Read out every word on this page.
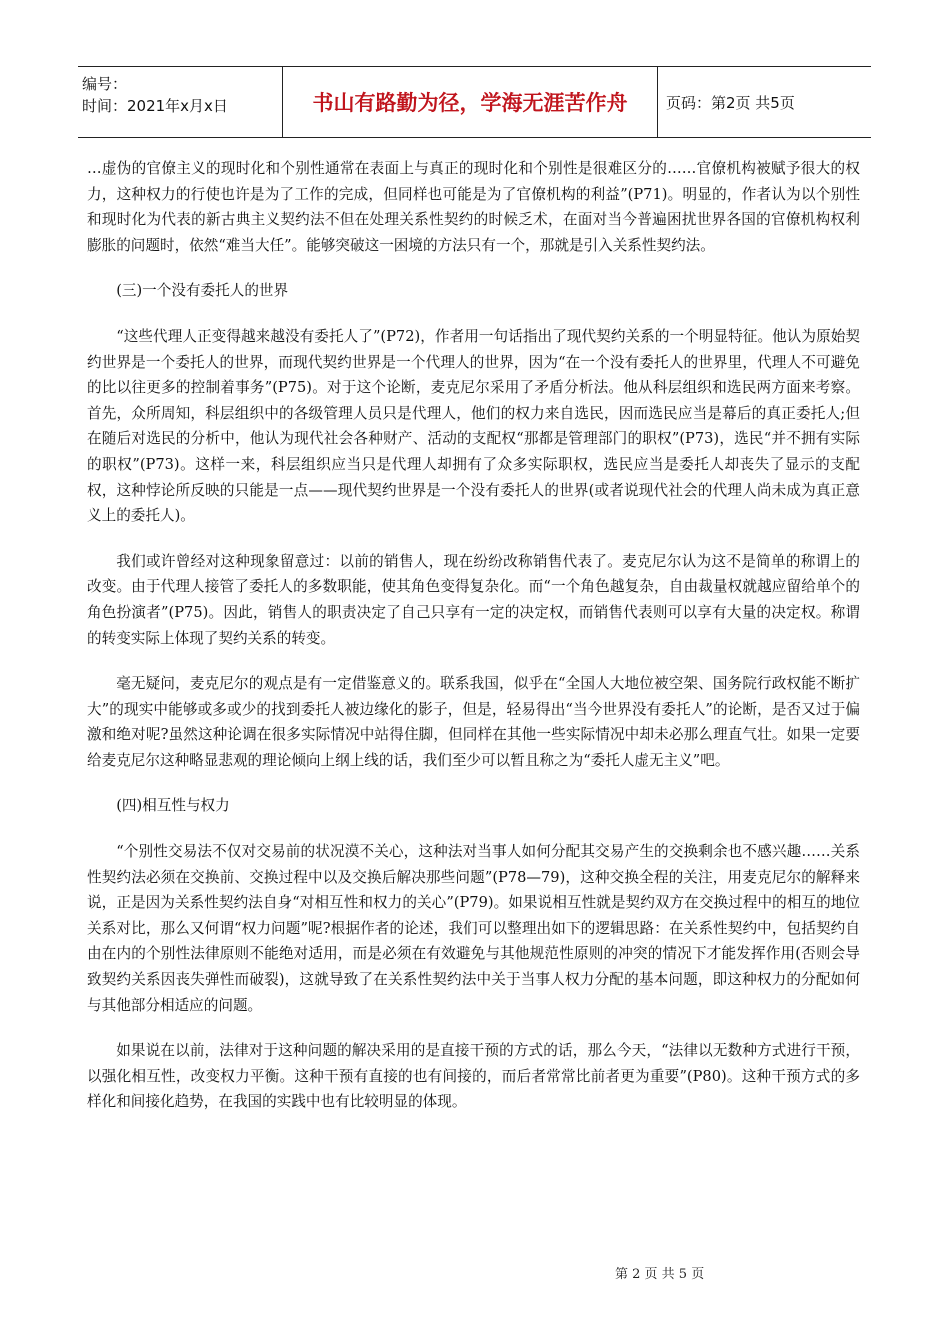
编号：
时间：2021年x月x日	书山有路勤为径，学海无涯苦作舟	页码：第2页 共5页

…虚伪的官僚主义的现时化和个别性通常在表面上与真正的现时化和个别性是很难区分的……官僚机构被赋予很大的权力，这种权力的行使也许是为了工作的完成，但同样也可能是为了官僚机构的利益”(P71)。明显的，作者认为以个别性和现时化为代表的新古典主义契约法不但在处理关系性契约的时候乏术，在面对当今普遍困扰世界各国的官僚机构权利膨胀的问题时，依然“难当大任”。能够突破这一困境的方法只有一个，那就是引入关系性契约法。

(三)一个没有委托人的世界

“这些代理人正变得越来越没有委托人了”(P72)，作者用一句话指出了现代契约关系的一个明显特征。他认为原始契约世界是一个委托人的世界，而现代契约世界是一个代理人的世界，因为“在一个没有委托人的世界里，代理人不可避免的比以往更多的控制着事务”(P75)。对于这个论断，麦克尼尔采用了矛盾分析法。他从科层组织和选民两方面来考察。首先，众所周知，科层组织中的各级管理人员只是代理人，他们的权力来自选民，因而选民应当是幕后的真正委托人;但在随后对选民的分析中，他认为现代社会各种财产、活动的支配权“那都是管理部门的职权”(P73)，选民“并不拥有实际的职权”(P73)。这样一来，科层组织应当只是代理人却拥有了众多实际职权，选民应当是委托人却丧失了显示的支配权，这种悖论所反映的只能是一点——现代契约世界是一个没有委托人的世界(或者说现代社会的代理人尚未成为真正意义上的委托人)。

我们或许曾经对这种现象留意过：以前的销售人，现在纷纷改称销售代表了。麦克尼尔认为这不是简单的称谓上的改变。由于代理人接管了委托人的多数职能，使其角色变得复杂化。而“一个角色越复杂，自由裁量权就越应留给单个的角色扮演者”(P75)。因此，销售人的职责决定了自己只享有一定的决定权，而销售代表则可以享有大量的决定权。称谓的转变实际上体现了契约关系的转变。

毫无疑问，麦克尼尔的观点是有一定借鉴意义的。联系我国，似乎在“全国人大地位被空架、国务院行政权能不断扩大”的现实中能够或多或少的找到委托人被边缘化的影子，但是，轻易得出“当今世界没有委托人”的论断，是否又过于偏激和绝对呢?虽然这种论调在很多实际情况中站得住脚，但同样在其他一些实际情况中却未必那么理直气壮。如果一定要给麦克尼尔这种略显悲观的理论倾向上纲上线的话，我们至少可以暂且称之为“委托人虚无主义”吧。

(四)相互性与权力

“个别性交易法不仅对交易前的状况漠不关心，这种法对当事人如何分配其交易产生的交换剩余也不感兴趣……关系性契约法必须在交换前、交换过程中以及交换后解决那些问题”(P78—79)，这种交换全程的关注，用麦克尼尔的解释来说，正是因为关系性契约法自身“对相互性和权力的关心”(P79)。如果说相互性就是契约双方在交换过程中的相互的地位关系对比，那么又何谓“权力问题”呢?根据作者的论述，我们可以整理出如下的逻辑思路：在关系性契约中，包括契约自由在内的个别性法律原则不能绝对适用，而是必须在有效避免与其他规范性原则的冲突的情况下才能发挥作用(否则会导致契约关系因丧失弹性而破裂)，这就导致了在关系性契约法中关于当事人权力分配的基本问题，即这种权力的分配如何与其他部分相适应的问题。

如果说在以前，法律对于这种问题的解决采用的是直接干预的方式的话，那么今天，“法律以无数种方式进行干预，以强化相互性，改变权力平衡。这种干预有直接的也有间接的，而后者常常比前者更为重要”(P80)。这种干预方式的多样化和间接化趋势，在我国的实践中也有比较明显的体现。

第 2 页 共 5 页
